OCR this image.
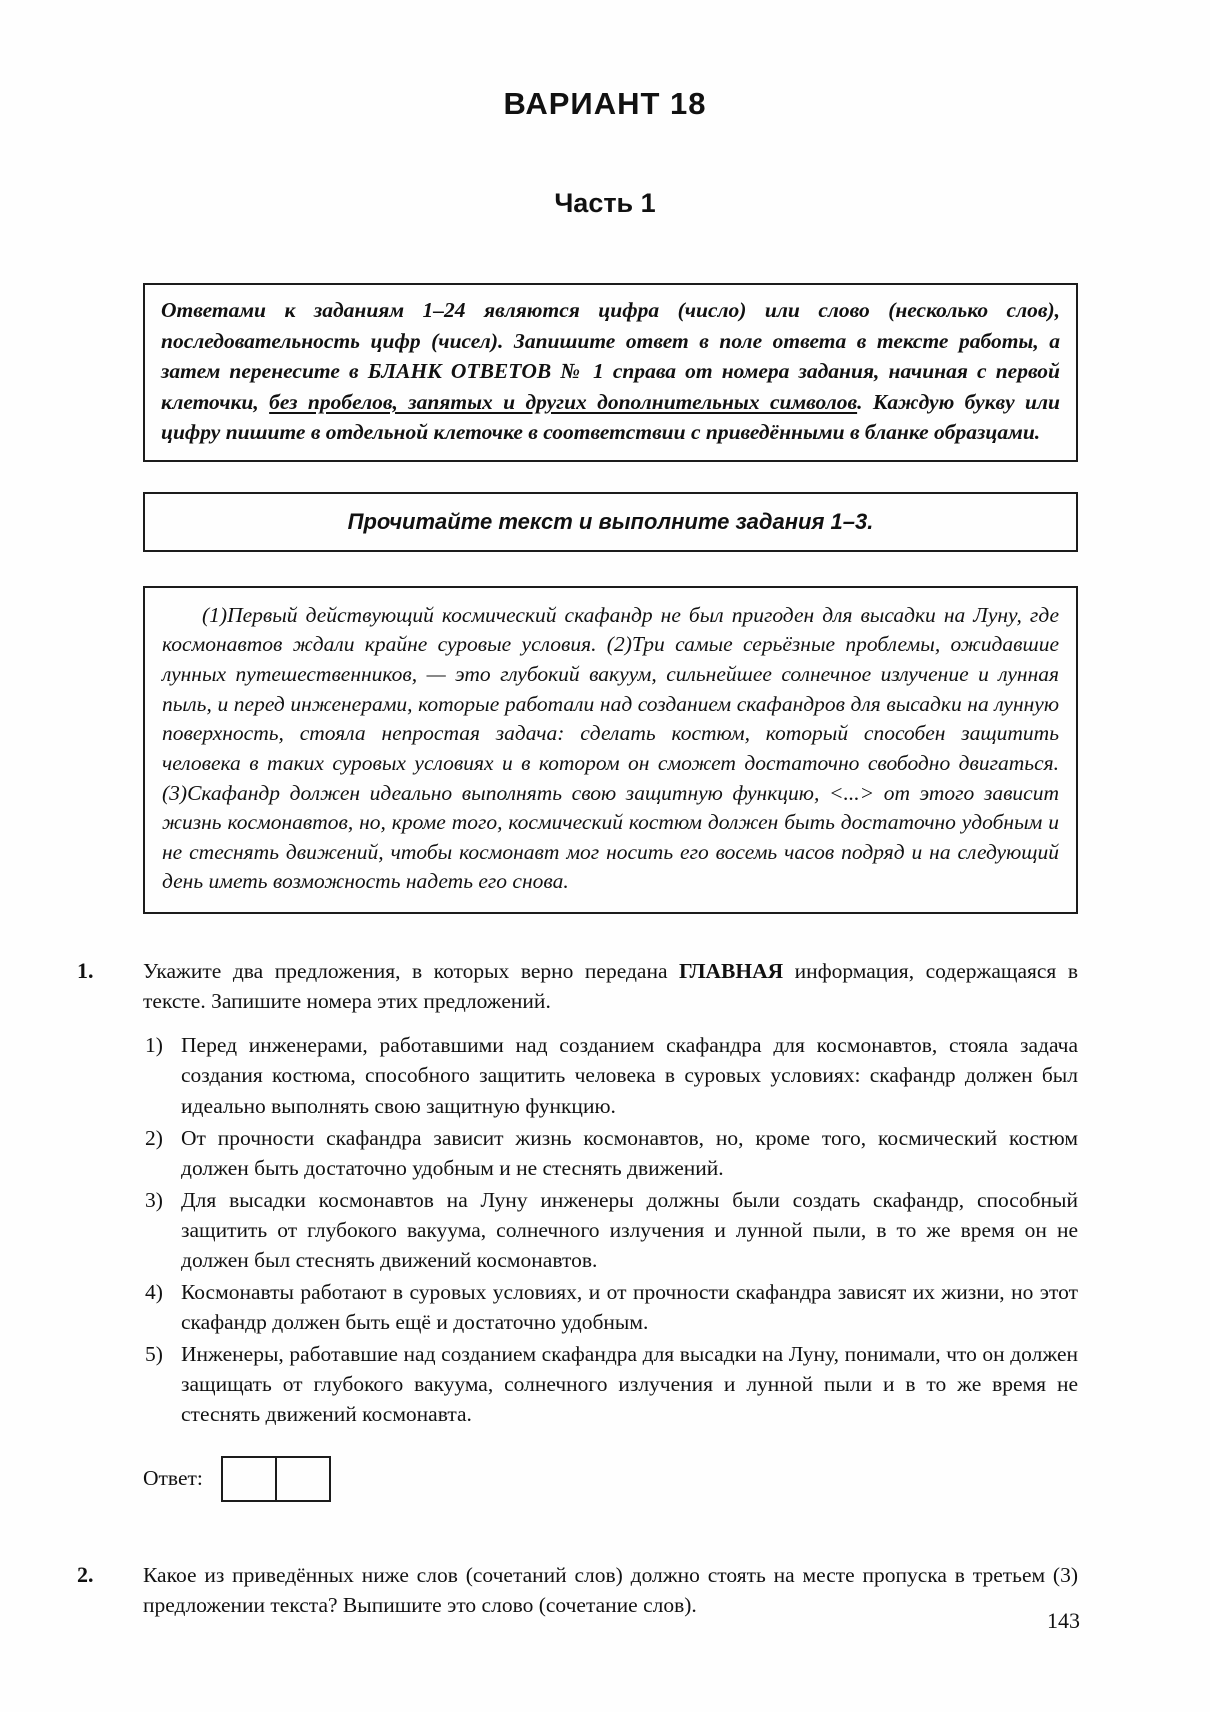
ВАРИАНТ 18
Часть 1
Ответами к заданиям 1–24 являются цифра (число) или слово (несколько слов), последовательность цифр (чисел). Запишите ответ в поле ответа в тексте работы, а затем перенесите в БЛАНК ОТВЕТОВ № 1 справа от номера задания, начиная с первой клеточки, без пробелов, запятых и других дополнительных символов. Каждую букву или цифру пишите в отдельной клеточке в соответствии с приведёнными в бланке образцами.
Прочитайте текст и выполните задания 1–3.

(1)Первый действующий космический скафандр не был пригоден для высадки на Луну, где космонавтов ждали крайне суровые условия. (2)Три самые серьёзные проблемы, ожидавшие лунных путешественников, — это глубокий вакуум, сильнейшее солнечное излучение и лунная пыль, и перед инженерами, которые работали над созданием скафандров для высадки на лунную поверхность, стояла непростая задача: сделать костюм, который способен защитить человека в таких суровых условиях и в котором он сможет достаточно свободно двигаться. (3)Скафандр должен идеально выполнять свою защитную функцию, <...> от этого зависит жизнь космонавтов, но, кроме того, космический костюм должен быть достаточно удобным и не стеснять движений, чтобы космонавт мог носить его восемь часов подряд и на следующий день иметь возможность надеть его снова.

1. Укажите два предложения, в которых верно передана ГЛАВНАЯ информация, содержащаяся в тексте. Запишите номера этих предложений.
1) Перед инженерами, работавшими над созданием скафандра для космонавтов, стояла задача создания костюма, способного защитить человека в суровых условиях: скафандр должен был идеально выполнять свою защитную функцию.
2) От прочности скафандра зависит жизнь космонавтов, но, кроме того, космический костюм должен быть достаточно удобным и не стеснять движений.
3) Для высадки космонавтов на Луну инженеры должны были создать скафандр, способный защитить от глубокого вакуума, солнечного излучения и лунной пыли, в то же время он не должен был стеснять движений космонавтов.
4) Космонавты работают в суровых условиях, и от прочности скафандра зависят их жизни, но этот скафандр должен быть ещё и достаточно удобным.
5) Инженеры, работавшие над созданием скафандра для высадки на Луну, понимали, что он должен защищать от глубокого вакуума, солнечного излучения и лунной пыли и в то же время не стеснять движений космонавта.
Ответ:
2. Какое из приведённых ниже слов (сочетаний слов) должно стоять на месте пропуска в третьем (3) предложении текста? Выпишите это слово (сочетание слов).
143
